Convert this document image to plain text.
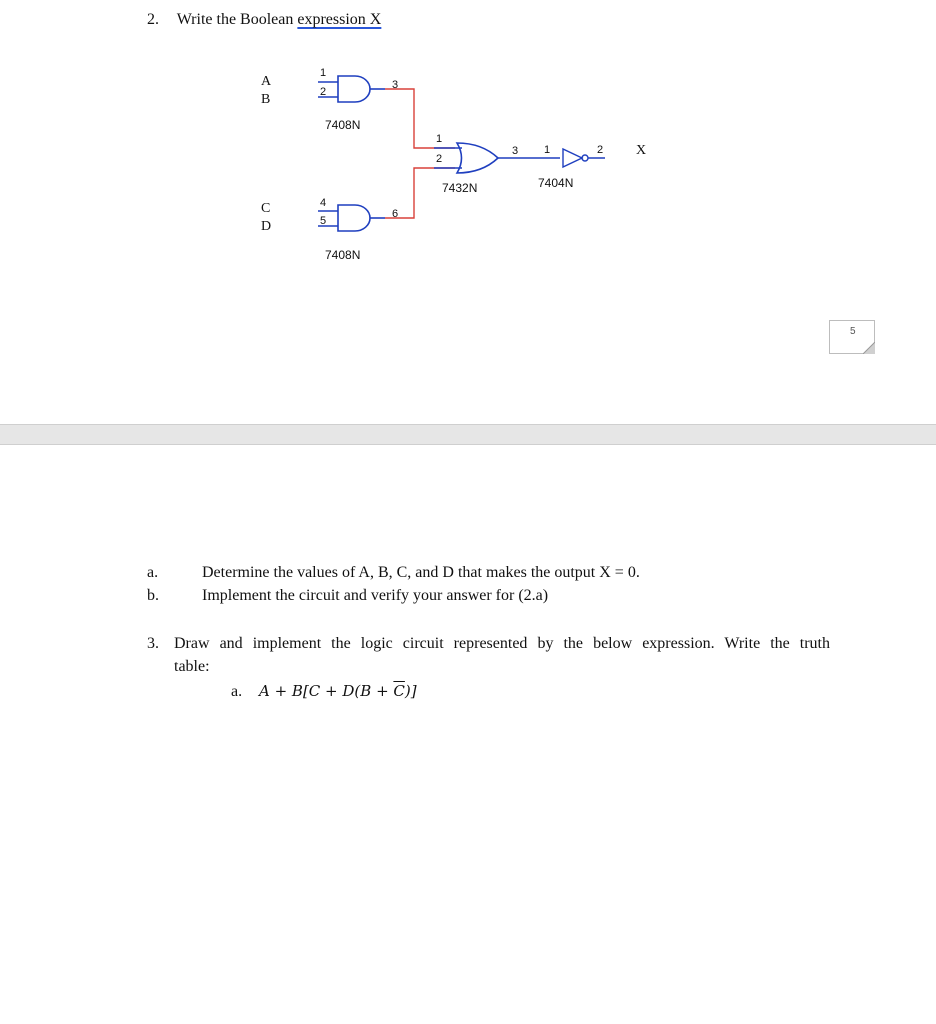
2. Write the Boolean expression X
A
B
C
D
1
2
3
7408N
4
5
6
7408N
1
2
3
7432N
1	2
7404N
X
5
a.	Determine the values of A, B, C, and D that makes the output X = 0.
b.	Implement the circuit and verify your answer for (2.a)
3. Draw and implement the logic circuit represented by the below expression. Write the truth
table:
a. $A + B[C + D(B + \overline{C})]$
